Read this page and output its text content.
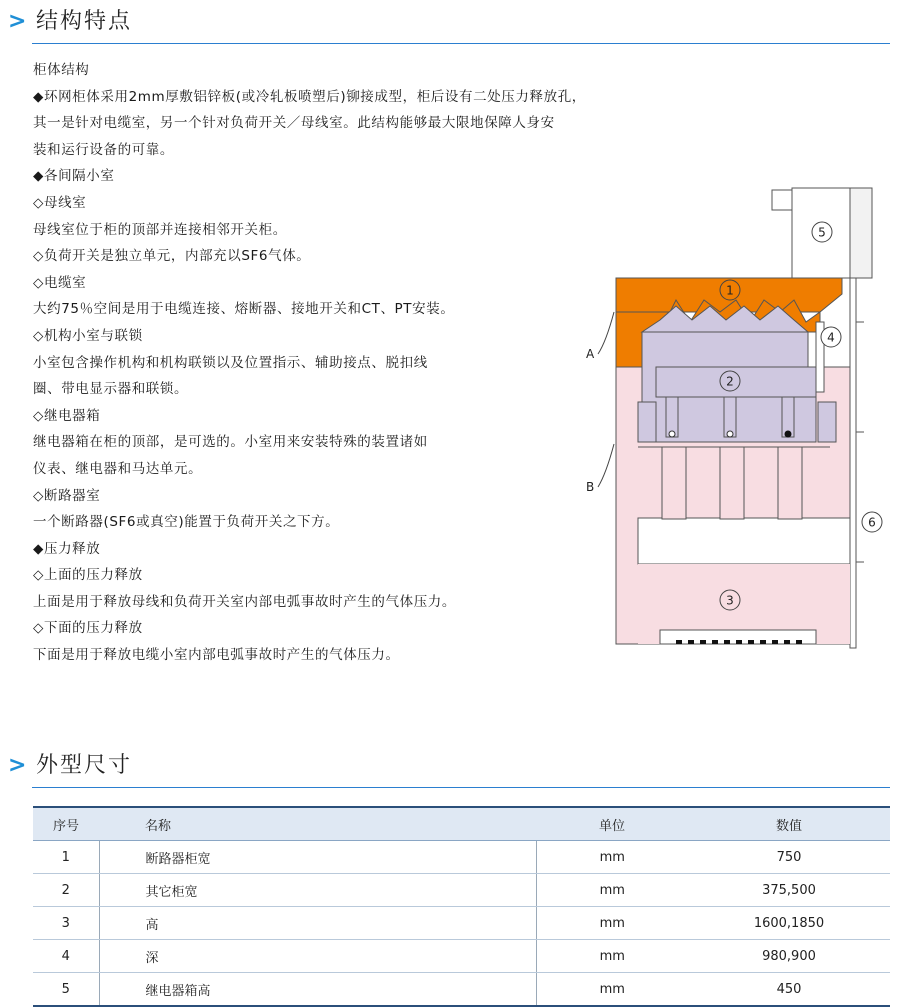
> 结构特点
柜体结构
◆环网柜体采用2mm厚敷铝锌板(或冷轧板喷塑后)铆接成型，柜后设有二处压力释放孔，
其一是针对电缆室，另一个针对负荷开关／母线室。此结构能够最大限地保障人身安
装和运行设备的可靠。
◆各间隔小室
◇母线室
母线室位于柜的顶部并连接相邻开关柜。
◇负荷开关是独立单元，内部充以SF6气体。
◇电缆室
大约75％空间是用于电缆连接、熔断器、接地开关和CT、PT安装。
◇机构小室与联锁
小室包含操作机构和机构联锁以及位置指示、辅助接点、脱扣线
圈、带电显示器和联锁。
◇继电器箱
继电器箱在柜的顶部，是可选的。小室用来安装特殊的装置诸如
仪表、继电器和马达单元。
◇断路器室
一个断路器(SF6或真空)能置于负荷开关之下方。
◆压力释放
◇上面的压力释放
上面是用于释放母线和负荷开关室内部电弧事故时产生的气体压力。
◇下面的压力释放
下面是用于释放电缆小室内部电弧事故时产生的气体压力。
5
1
2
4
3
6
A
B
> 外型尺寸
序号	名称	单位	数值
1	断路器柜宽	mm	750
2	其它柜宽	mm	375,500
3	高	mm	1600,1850
4	深	mm	980,900
5	继电器箱高	mm	450
